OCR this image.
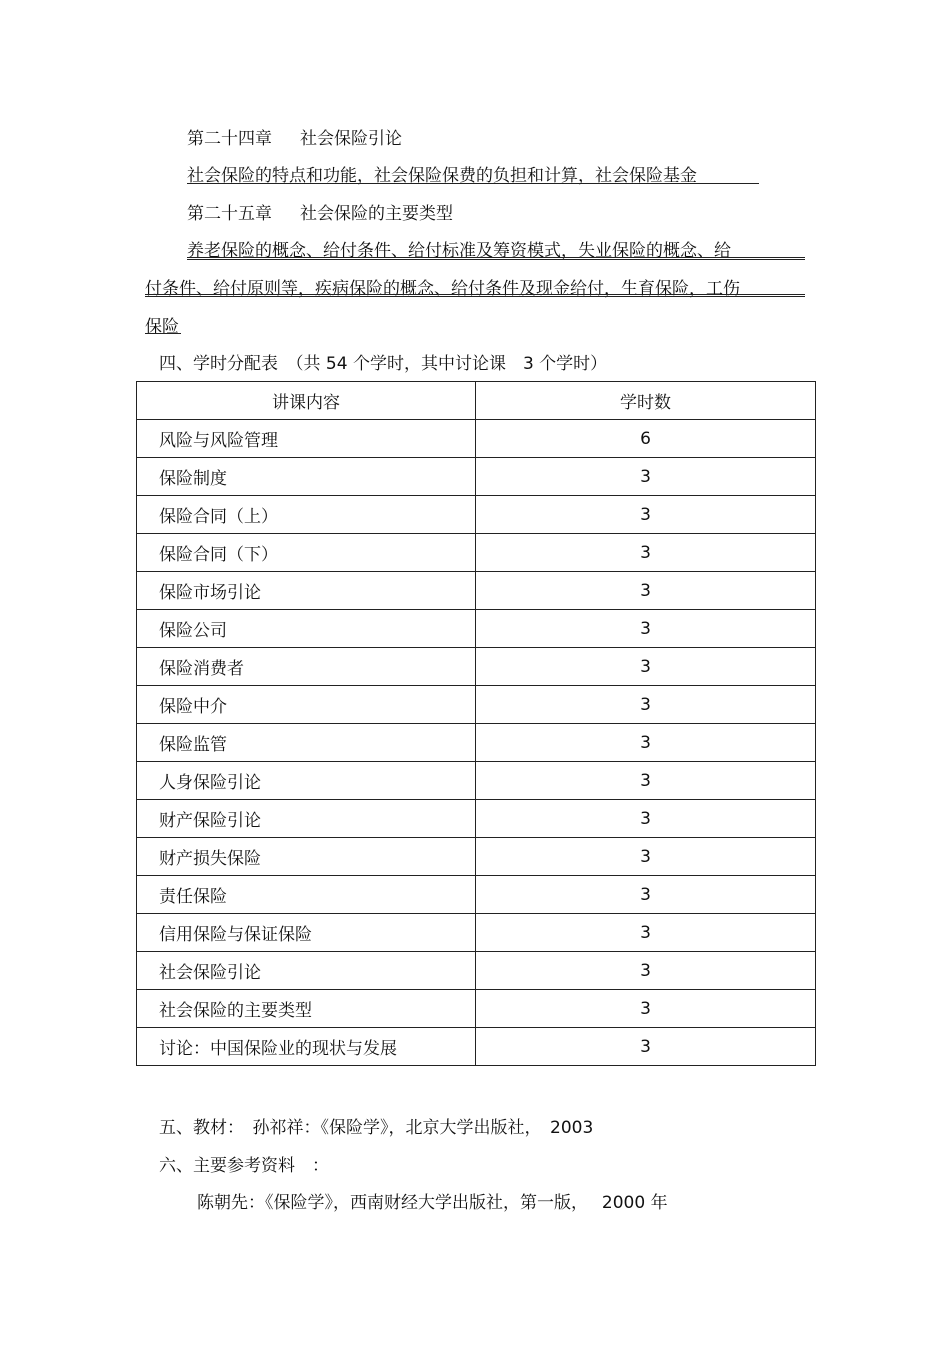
第二十四章 社会保险引论
社会保险的特点和功能，社会保险保费的负担和计算，社会保险基金
第二十五章 社会保险的主要类型
养老保险的概念、给付条件、给付标准及筹资模式，失业保险的概念、给
付条件、给付原则等，疾病保险的概念、给付条件及现金给付，生育保险，工伤
保险
四、学时分配表　（共 54 个学时，其中讨论课　3 个学时）
讲课内容	学时数
风险与风险管理	6
保险制度	3
保险合同（上）	3
保险合同（下）	3
保险市场引论	3
保险公司	3
保险消费者	3
保险中介	3
保险监管	3
人身保险引论	3
财产保险引论	3
财产损失保险	3
责任保险	3
信用保险与保证保险	3
社会保险引论	3
社会保险的主要类型	3
讨论：中国保险业的现状与发展	3
五、教材：　孙祁祥：《保险学》，北京大学出版社，　2003
六、主要参考资料　：
陈朝先：《保险学》，西南财经大学出版社，第一版，　 2000 年
